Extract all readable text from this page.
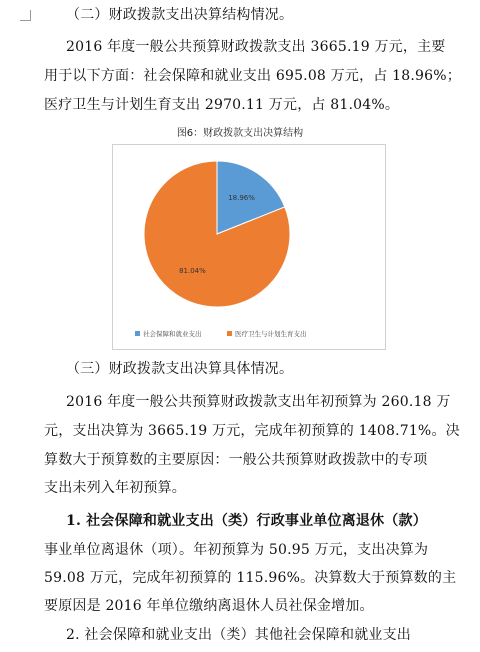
（二）财政拨款支出决算结构情况。
2016 年度一般公共预算财政拨款支出 3665.19 万元，主要
用于以下方面：社会保障和就业支出 695.08 万元，占 18.96%；
医疗卫生与计划生育支出 2970.11 万元，占 81.04%。
图6：财政拨款支出决算结构
18.96%
81.04%
社会保障和就业支出	医疗卫生与计划生育支出
（三）财政拨款支出决算具体情况。
2016 年度一般公共预算财政拨款支出年初预算为 260.18 万
元，支出决算为 3665.19 万元，完成年初预算的 1408.71%。决
算数大于预算数的主要原因：一般公共预算财政拨款中的专项
支出未列入年初预算。
1. 社会保障和就业支出（类）行政事业单位离退休（款）
事业单位离退休（项）。年初预算为 50.95 万元，支出决算为
59.08 万元，完成年初预算的 115.96%。决算数大于预算数的主
要原因是 2016 年单位缴纳离退休人员社保金增加。
2. 社会保障和就业支出（类）其他社会保障和就业支出
